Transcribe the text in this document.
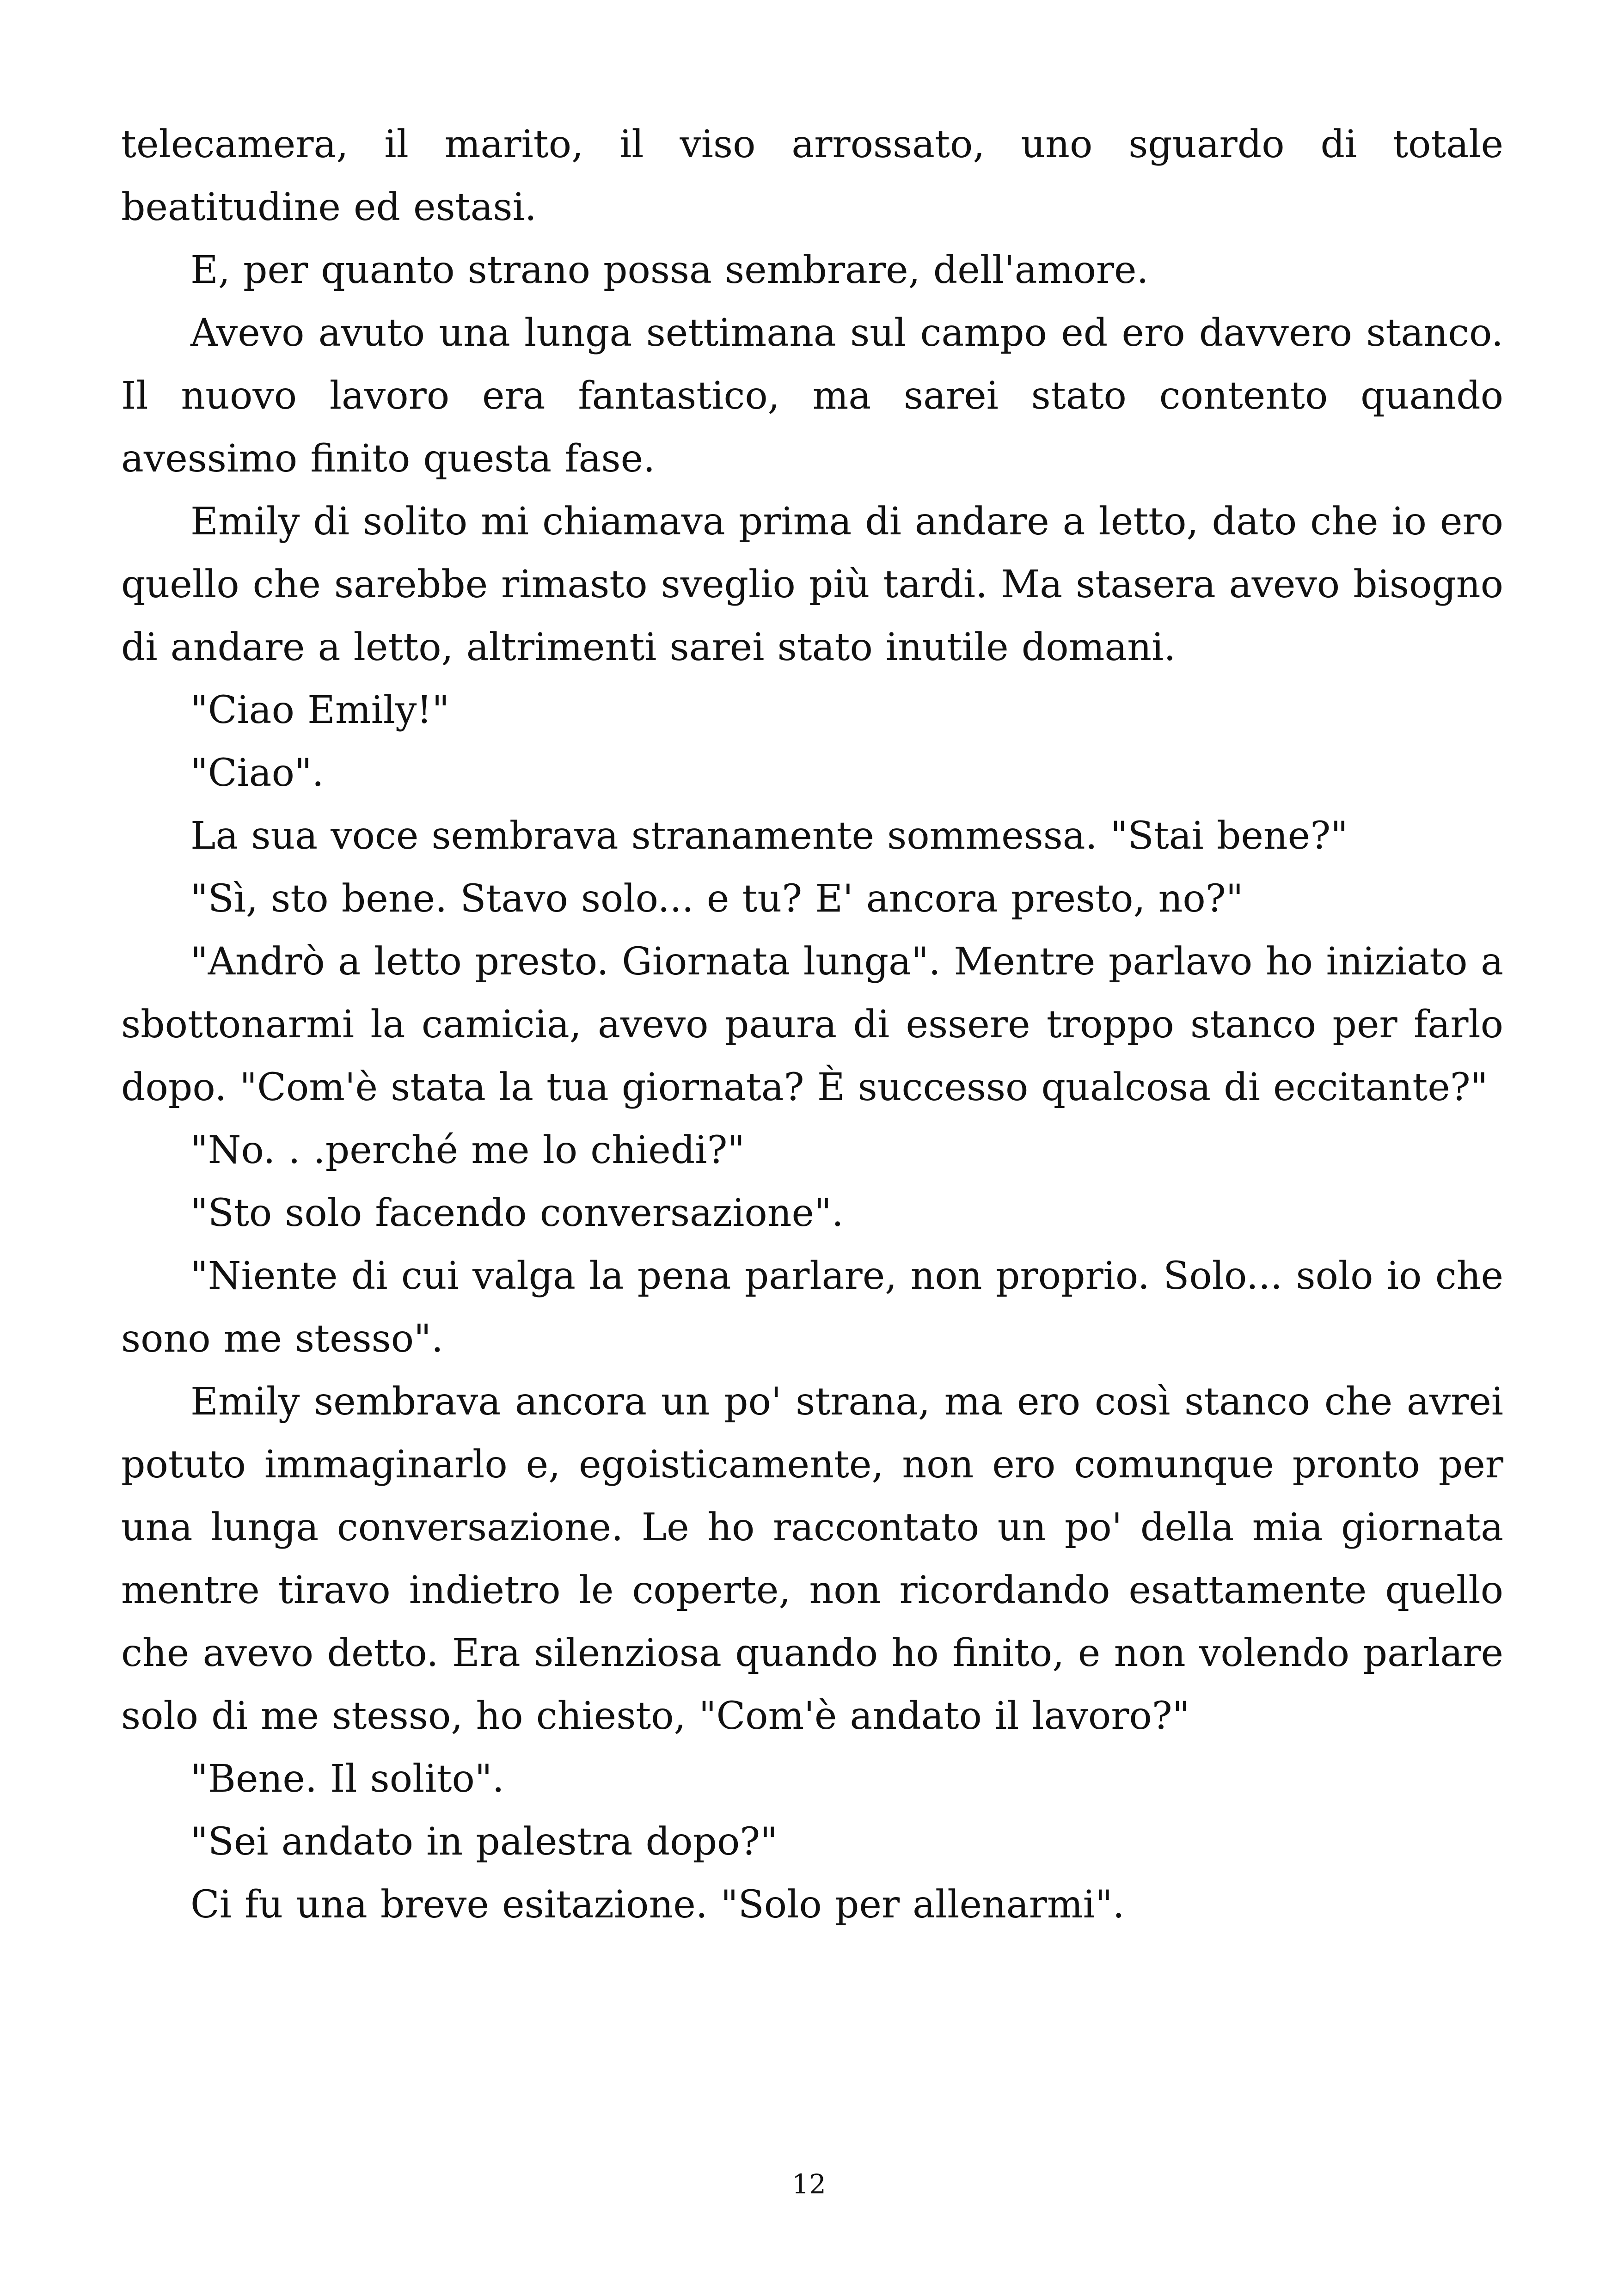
telecamera, il marito, il viso arrossato, uno sguardo di totale beatitudine ed estasi.

E, per quanto strano possa sembrare, dell'amore.

Avevo avuto una lunga settimana sul campo ed ero davvero stanco. Il nuovo lavoro era fantastico, ma sarei stato contento quando avessimo finito questa fase.

Emily di solito mi chiamava prima di andare a letto, dato che io ero quello che sarebbe rimasto sveglio più tardi. Ma stasera avevo bisogno di andare a letto, altrimenti sarei stato inutile domani.

"Ciao Emily!"

"Ciao".

La sua voce sembrava stranamente sommessa. "Stai bene?"

"Sì, sto bene. Stavo solo... e tu? E' ancora presto, no?"

"Andrò a letto presto. Giornata lunga". Mentre parlavo ho iniziato a sbottonarmi la camicia, avevo paura di essere troppo stanco per farlo dopo. "Com'è stata la tua giornata? È successo qualcosa di eccitante?"

"No. . .perché me lo chiedi?"

"Sto solo facendo conversazione".

"Niente di cui valga la pena parlare, non proprio. Solo... solo io che sono me stesso".

Emily sembrava ancora un po' strana, ma ero così stanco che avrei potuto immaginarlo e, egoisticamente, non ero comunque pronto per una lunga conversazione. Le ho raccontato un po' della mia giornata mentre tiravo indietro le coperte, non ricordando esattamente quello che avevo detto. Era silenziosa quando ho finito, e non volendo parlare solo di me stesso, ho chiesto, "Com'è andato il lavoro?"

"Bene. Il solito".

"Sei andato in palestra dopo?"

Ci fu una breve esitazione. "Solo per allenarmi".

12
